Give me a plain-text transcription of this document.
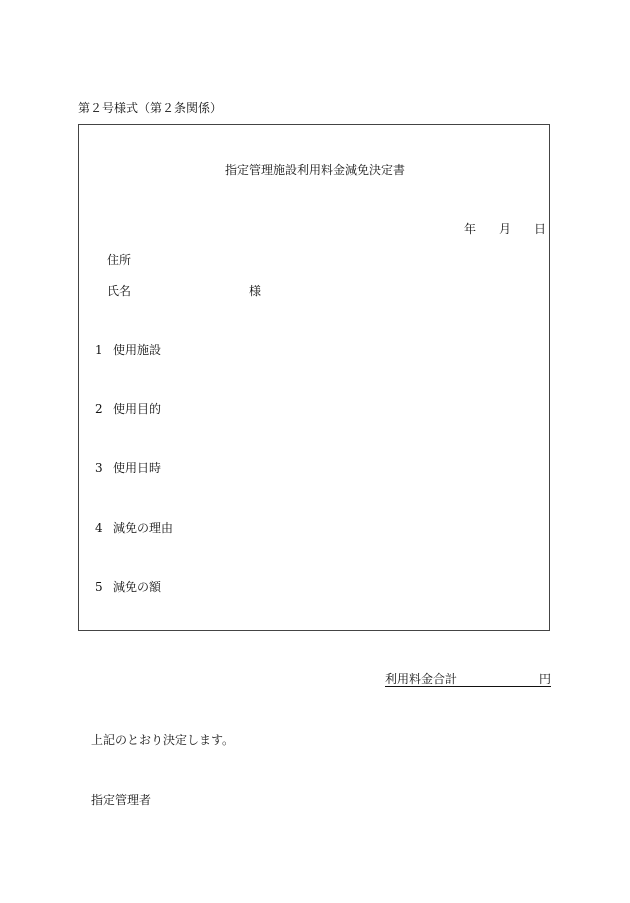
第２号様式（第２条関係）
指定管理施設利用料金減免決定書
年 月 日
住所
氏名	様
1 使用施設
2 使用目的
3 使用日時
4 減免の理由
5 減免の額
利用料金合計	円
上記のとおり決定します。
指定管理者
